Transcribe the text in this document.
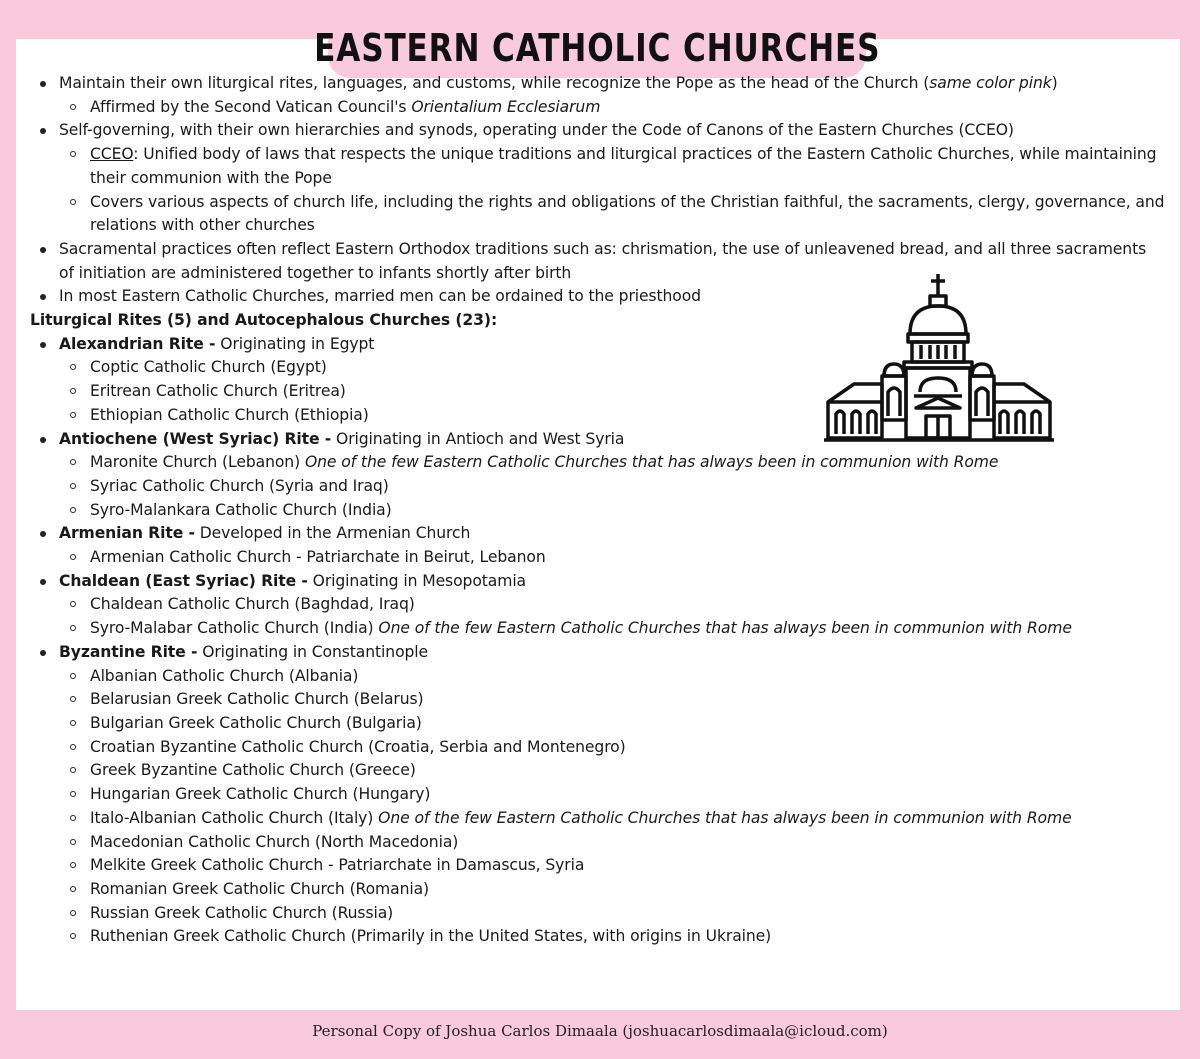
EASTERN CATHOLIC CHURCHES
Maintain their own liturgical rites, languages, and customs, while recognize the Pope as the head of the Church (same color pink)
Affirmed by the Second Vatican Council's Orientalium Ecclesiarum
Self-governing, with their own hierarchies and synods, operating under the Code of Canons of the Eastern Churches (CCEO)
CCEO: Unified body of laws that respects the unique traditions and liturgical practices of the Eastern Catholic Churches, while maintaining their communion with the Pope
Covers various aspects of church life, including the rights and obligations of the Christian faithful, the sacraments, clergy, governance, and relations with other churches
Sacramental practices often reflect Eastern Orthodox traditions such as: chrismation, the use of unleavened bread, and all three sacraments of initiation are administered together to infants shortly after birth
In most Eastern Catholic Churches, married men can be ordained to the priesthood
Liturgical Rites (5) and Autocephalous Churches (23):
Alexandrian Rite - Originating in Egypt
Coptic Catholic Church (Egypt)
Eritrean Catholic Church (Eritrea)
Ethiopian Catholic Church (Ethiopia)
Antiochene (West Syriac) Rite - Originating in Antioch and West Syria
Maronite Church (Lebanon) One of the few Eastern Catholic Churches that has always been in communion with Rome
Syriac Catholic Church (Syria and Iraq)
Syro-Malankara Catholic Church (India)
Armenian Rite - Developed in the Armenian Church
Armenian Catholic Church - Patriarchate in Beirut, Lebanon
Chaldean (East Syriac) Rite - Originating in Mesopotamia
Chaldean Catholic Church (Baghdad, Iraq)
Syro-Malabar Catholic Church (India) One of the few Eastern Catholic Churches that has always been in communion with Rome
Byzantine Rite - Originating in Constantinople
Albanian Catholic Church (Albania)
Belarusian Greek Catholic Church (Belarus)
Bulgarian Greek Catholic Church (Bulgaria)
Croatian Byzantine Catholic Church (Croatia, Serbia and Montenegro)
Greek Byzantine Catholic Church (Greece)
Hungarian Greek Catholic Church (Hungary)
Italo-Albanian Catholic Church (Italy) One of the few Eastern Catholic Churches that has always been in communion with Rome
Macedonian Catholic Church (North Macedonia)
Melkite Greek Catholic Church - Patriarchate in Damascus, Syria
Romanian Greek Catholic Church (Romania)
Russian Greek Catholic Church (Russia)
Ruthenian Greek Catholic Church (Primarily in the United States, with origins in Ukraine)
Personal Copy of Joshua Carlos Dimaala (joshuacarlosdimaala@icloud.com)
